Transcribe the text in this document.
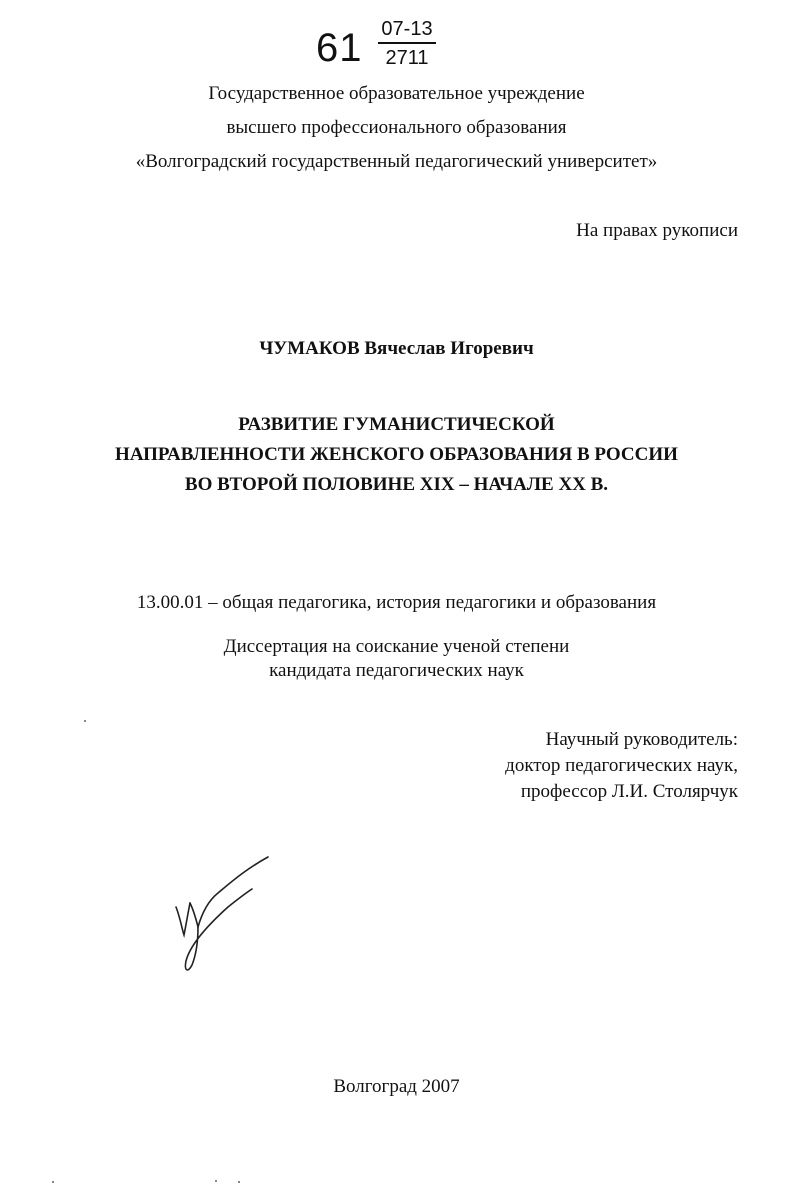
61 07-13
2711
Государственное образовательное учреждение
высшего профессионального образования
«Волгоградский государственный педагогический университет»
На правах рукописи
ЧУМАКОВ Вячеслав Игоревич
РАЗВИТИЕ ГУМАНИСТИЧЕСКОЙ
НАПРАВЛЕННОСТИ ЖЕНСКОГО ОБРАЗОВАНИЯ В РОССИИ
ВО ВТОРОЙ ПОЛОВИНЕ XIX – НАЧАЛЕ XX В.
13.00.01 – общая педагогика, история педагогики и образования
Диссертация на соискание ученой степени
кандидата педагогических наук
Научный руководитель:
доктор педагогических наук,
профессор Л.И. Столярчук
Волгоград 2007
